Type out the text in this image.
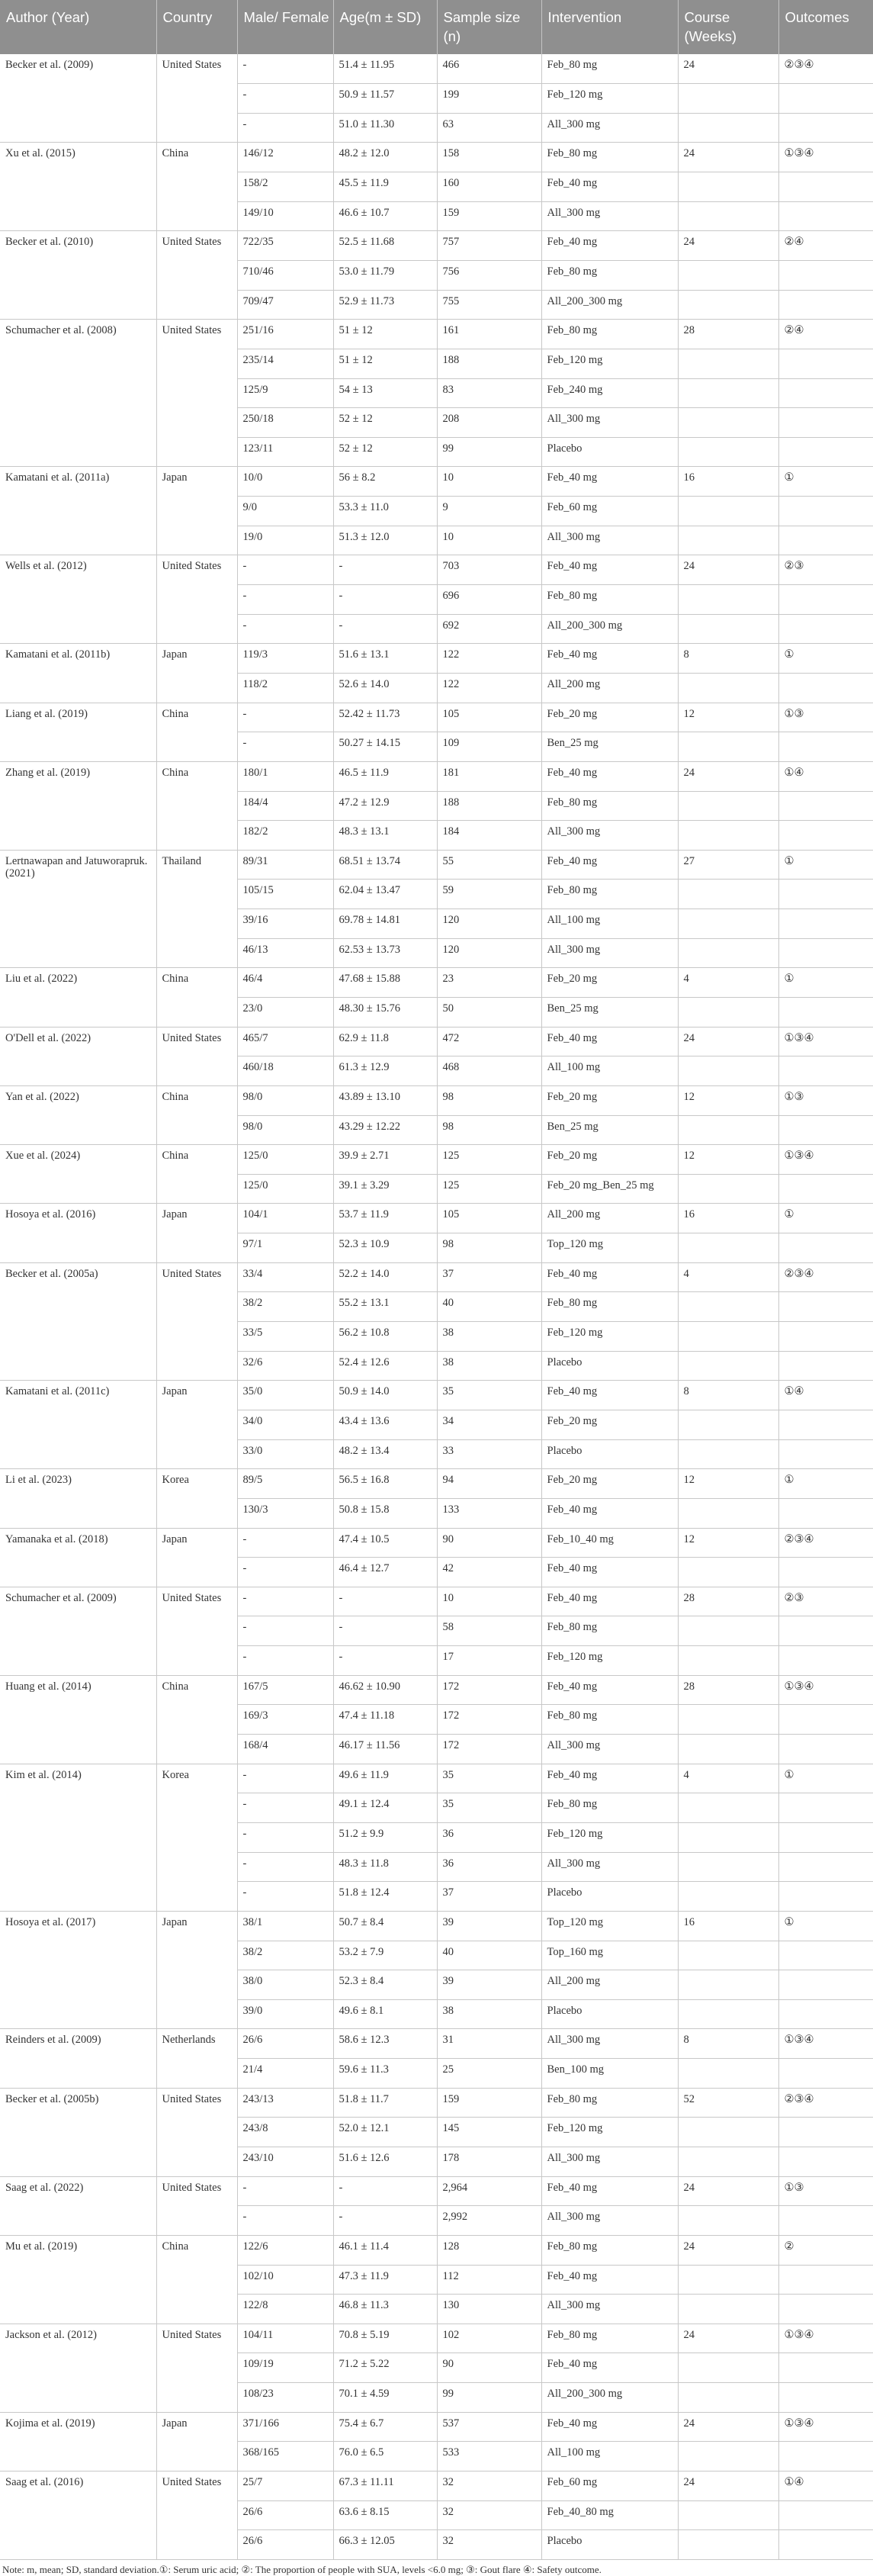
Author (Year)	Country	Male/ Female	Age(m ± SD)	Sample size (n)	Intervention	Course (Weeks)	Outcomes
Becker et al. (2009)	United States	-	51.4 ± 11.95	466	Feb_80 mg	24	②③④
		-	50.9 ± 11.57	199	Feb_120 mg		
		-	51.0 ± 11.30	63	All_300 mg		
Xu et al. (2015)	China	146/12	48.2 ± 12.0	158	Feb_80 mg	24	①③④
		158/2	45.5 ± 11.9	160	Feb_40 mg		
		149/10	46.6 ± 10.7	159	All_300 mg		
Becker et al. (2010)	United States	722/35	52.5 ± 11.68	757	Feb_40 mg	24	②④
		710/46	53.0 ± 11.79	756	Feb_80 mg		
		709/47	52.9 ± 11.73	755	All_200_300 mg		
Schumacher et al. (2008)	United States	251/16	51 ± 12	161	Feb_80 mg	28	②④
		235/14	51 ± 12	188	Feb_120 mg		
		125/9	54 ± 13	83	Feb_240 mg		
		250/18	52 ± 12	208	All_300 mg		
		123/11	52 ± 12	99	Placebo		
Kamatani et al. (2011a)	Japan	10/0	56 ± 8.2	10	Feb_40 mg	16	①
		9/0	53.3 ± 11.0	9	Feb_60 mg		
		19/0	51.3 ± 12.0	10	All_300 mg		
Wells et al. (2012)	United States	-	-	703	Feb_40 mg	24	②③
		-	-	696	Feb_80 mg		
		-	-	692	All_200_300 mg		
Kamatani et al. (2011b)	Japan	119/3	51.6 ± 13.1	122	Feb_40 mg	8	①
		118/2	52.6 ± 14.0	122	All_200 mg		
Liang et al. (2019)	China	-	52.42 ± 11.73	105	Feb_20 mg	12	①③
		-	50.27 ± 14.15	109	Ben_25 mg		
Zhang et al. (2019)	China	180/1	46.5 ± 11.9	181	Feb_40 mg	24	①④
		184/4	47.2 ± 12.9	188	Feb_80 mg		
		182/2	48.3 ± 13.1	184	All_300 mg		
Lertnawapan and Jatuworapruk. (2021)	Thailand	89/31	68.51 ± 13.74	55	Feb_40 mg	27	①
		105/15	62.04 ± 13.47	59	Feb_80 mg		
		39/16	69.78 ± 14.81	120	All_100 mg		
		46/13	62.53 ± 13.73	120	All_300 mg		
Liu et al. (2022)	China	46/4	47.68 ± 15.88	23	Feb_20 mg	4	①
		23/0	48.30 ± 15.76	50	Ben_25 mg		
O'Dell et al. (2022)	United States	465/7	62.9 ± 11.8	472	Feb_40 mg	24	①③④
		460/18	61.3 ± 12.9	468	All_100 mg		
Yan et al. (2022)	China	98/0	43.89 ± 13.10	98	Feb_20 mg	12	①③
		98/0	43.29 ± 12.22	98	Ben_25 mg		
Xue et al. (2024)	China	125/0	39.9 ± 2.71	125	Feb_20 mg	12	①③④
		125/0	39.1 ± 3.29	125	Feb_20 mg_Ben_25 mg		
Hosoya et al. (2016)	Japan	104/1	53.7 ± 11.9	105	All_200 mg	16	①
		97/1	52.3 ± 10.9	98	Top_120 mg		
Becker et al. (2005a)	United States	33/4	52.2 ± 14.0	37	Feb_40 mg	4	②③④
		38/2	55.2 ± 13.1	40	Feb_80 mg		
		33/5	56.2 ± 10.8	38	Feb_120 mg		
		32/6	52.4 ± 12.6	38	Placebo		
Kamatani et al. (2011c)	Japan	35/0	50.9 ± 14.0	35	Feb_40 mg	8	①④
		34/0	43.4 ± 13.6	34	Feb_20 mg		
		33/0	48.2 ± 13.4	33	Placebo		
Li et al. (2023)	Korea	89/5	56.5 ± 16.8	94	Feb_20 mg	12	①
		130/3	50.8 ± 15.8	133	Feb_40 mg		
Yamanaka et al. (2018)	Japan	-	47.4 ± 10.5	90	Feb_10_40 mg	12	②③④
		-	46.4 ± 12.7	42	Feb_40 mg		
Schumacher et al. (2009)	United States	-	-	10	Feb_40 mg	28	②③
		-	-	58	Feb_80 mg		
		-	-	17	Feb_120 mg		
Huang et al. (2014)	China	167/5	46.62 ± 10.90	172	Feb_40 mg	28	①③④
		169/3	47.4 ± 11.18	172	Feb_80 mg		
		168/4	46.17 ± 11.56	172	All_300 mg		
Kim et al. (2014)	Korea	-	49.6 ± 11.9	35	Feb_40 mg	4	①
		-	49.1 ± 12.4	35	Feb_80 mg		
		-	51.2 ± 9.9	36	Feb_120 mg		
		-	48.3 ± 11.8	36	All_300 mg		
		-	51.8 ± 12.4	37	Placebo		
Hosoya et al. (2017)	Japan	38/1	50.7 ± 8.4	39	Top_120 mg	16	①
		38/2	53.2 ± 7.9	40	Top_160 mg		
		38/0	52.3 ± 8.4	39	All_200 mg		
		39/0	49.6 ± 8.1	38	Placebo		
Reinders et al. (2009)	Netherlands	26/6	58.6 ± 12.3	31	All_300 mg	8	①③④
		21/4	59.6 ± 11.3	25	Ben_100 mg		
Becker et al. (2005b)	United States	243/13	51.8 ± 11.7	159	Feb_80 mg	52	②③④
		243/8	52.0 ± 12.1	145	Feb_120 mg		
		243/10	51.6 ± 12.6	178	All_300 mg		
Saag et al. (2022)	United States	-	-	2,964	Feb_40 mg	24	①③
		-	-	2,992	All_300 mg		
Mu et al. (2019)	China	122/6	46.1 ± 11.4	128	Feb_80 mg	24	②
		102/10	47.3 ± 11.9	112	Feb_40 mg		
		122/8	46.8 ± 11.3	130	All_300 mg		
Jackson et al. (2012)	United States	104/11	70.8 ± 5.19	102	Feb_80 mg	24	①③④
		109/19	71.2 ± 5.22	90	Feb_40 mg		
		108/23	70.1 ± 4.59	99	All_200_300 mg		
Kojima et al. (2019)	Japan	371/166	75.4 ± 6.7	537	Feb_40 mg	24	①③④
		368/165	76.0 ± 6.5	533	All_100 mg		
Saag et al. (2016)	United States	25/7	67.3 ± 11.11	32	Feb_60 mg	24	①④
		26/6	63.6 ± 8.15	32	Feb_40_80 mg		
		26/6	66.3 ± 12.05	32	Placebo		
Note: m, mean; SD, standard deviation.①: Serum uric acid; ②: The proportion of people with SUA, levels <6.0 mg; ③: Gout flare ④: Safety outcome.
